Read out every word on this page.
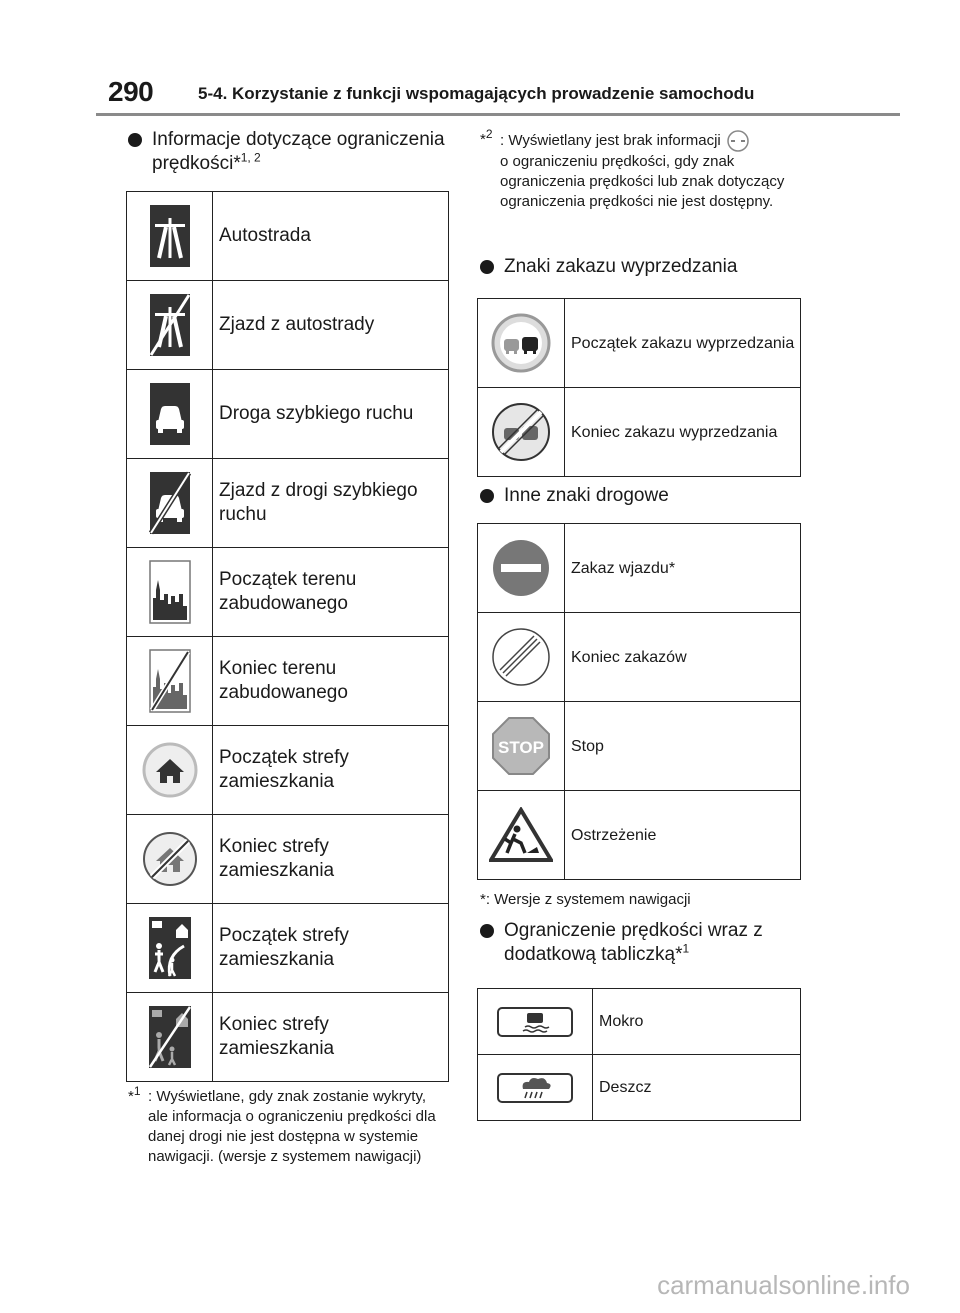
290	5-4. Korzystanie z funkcji wspomagających prowadzenie samochodu
Informacje dotyczące ograniczenia prędkości*$^{1, 2}$
	Autostrada

	Zjazd z autostrady

	Droga szybkiego ruchu

	Zjazd z drogi szybkiego ruchu

	Początek terenu zabudowanego

	Koniec terenu zabudowanego

	Początek strefy zamieszkania

	Koniec strefy zamieszkania

	Początek strefy zamieszkania

	Koniec strefy zamieszkania
*$^1$ : Wyświetlane, gdy znak zostanie wykryty, ale informacja o ograniczeniu prędkości dla danej drogi nie jest dostępna w systemie nawigacji. (wersje z systemem nawigacji)
*$^2$ : Wyświetlany jest brak informacji
o ograniczeniu prędkości, gdy znak ograniczenia prędkości lub znak dotyczący ograniczenia prędkości nie jest dostępny.
Znaki zakazu wyprzedzania
	Początek zakazu wyprzedzania

	Koniec zakazu wyprzedzania
Inne znaki drogowe
	Zakaz wjazdu*

	Koniec zakazów

STOP	Stop

	Ostrzeżenie
*: Wersje z systemem nawigacji
Ograniczenie prędkości wraz z dodatkową tabliczką*$^1$
	Mokro

	Deszcz
carmanualsonline.info
